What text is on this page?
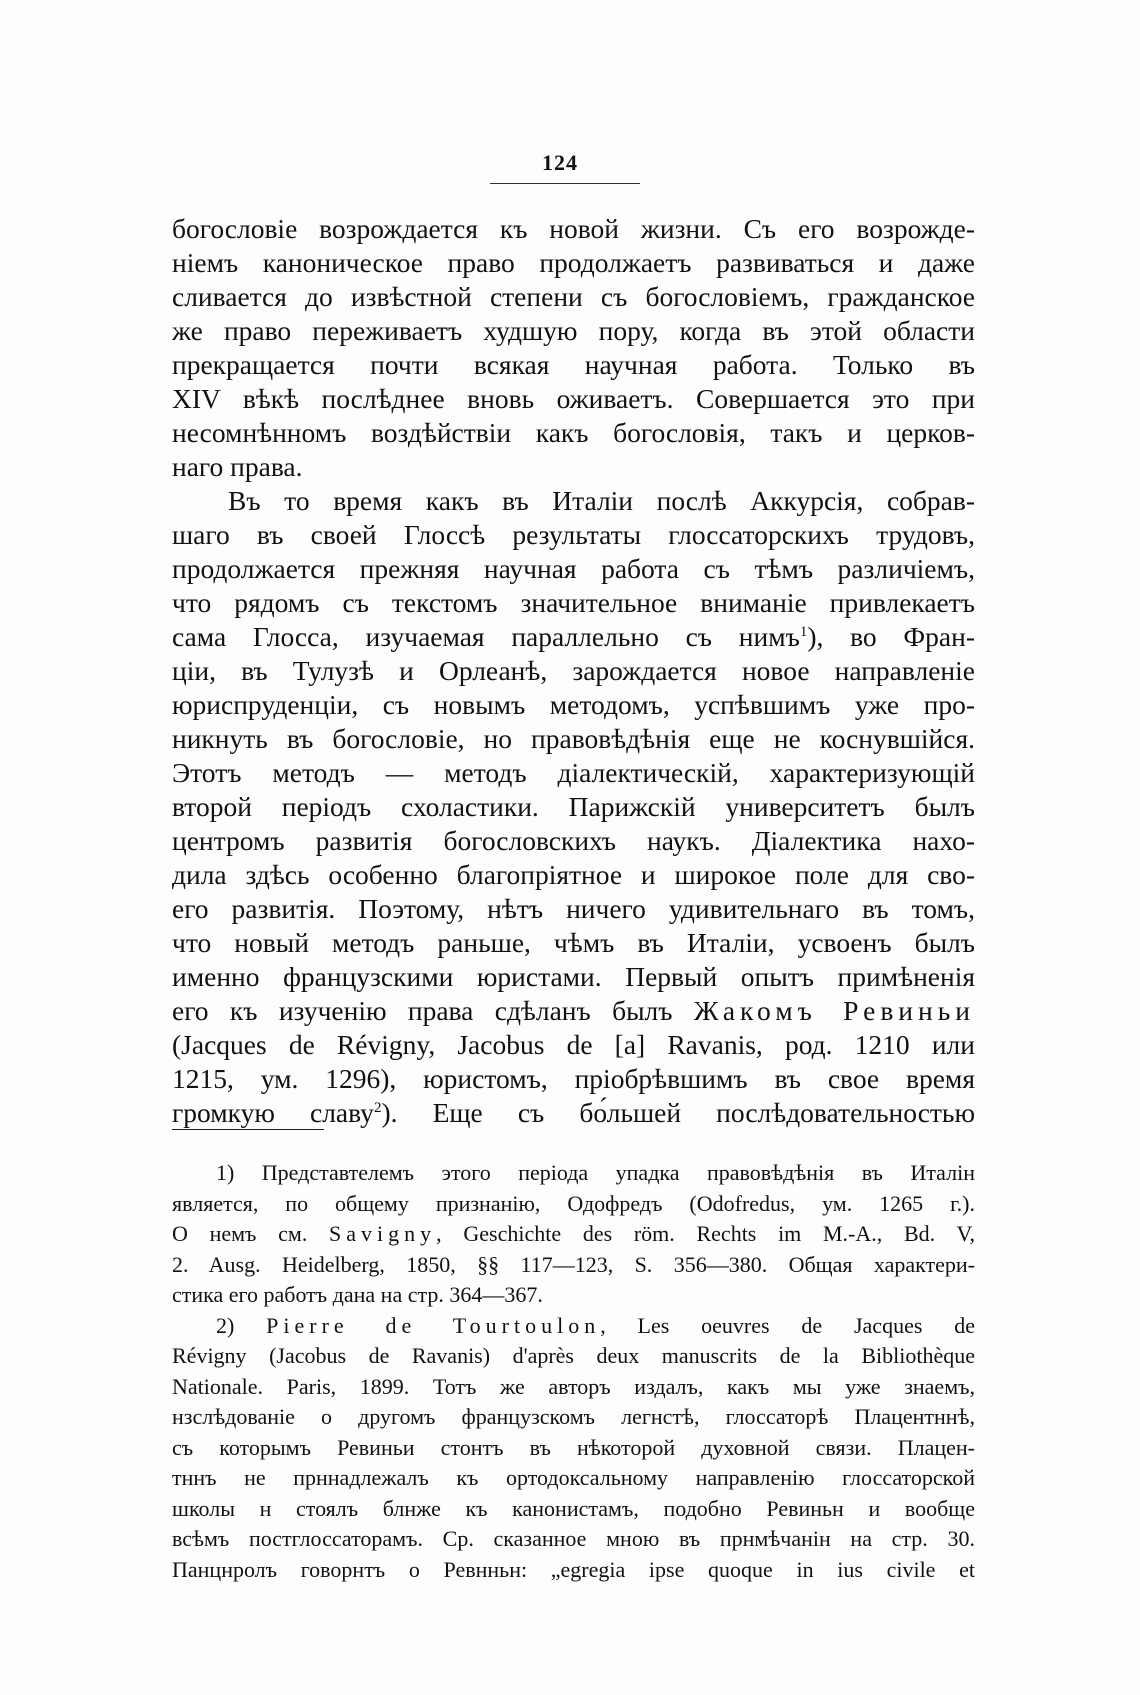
124
богословіе возрождается къ новой жизни. Съ его возрожде-
ніемъ каноническое право продолжаетъ развиваться и даже
сливается до извѣстной степени съ богословіемъ, гражданское
же право переживаетъ худшую пору, когда въ этой области
прекращается почти всякая научная работа. Только въ
XIV вѣкѣ послѣднее вновь оживаетъ. Совершается это при
несомнѣнномъ воздѣйствіи какъ богословія, такъ и церков-
наго права.
Въ то время какъ въ Италіи послѣ Аккурсія, собрав-
шаго въ своей Глоссѣ результаты глоссаторскихъ трудовъ,
продолжается прежняя научная работа съ тѣмъ различіемъ,
что рядомъ съ текстомъ значительное вниманіе привлекаетъ
сама Глосса, изучаемая параллельно съ нимъ$^1$), во Фран-
ціи, въ Тулузѣ и Орлеанѣ, зарождается новое направленіе
юриспруденціи, съ новымъ методомъ, успѣвшимъ уже про-
никнуть въ богословіе, но правовѣдѣнія еще не коснувшійся.
Этотъ методъ — методъ діалектическій, характеризующій
второй періодъ схоластики. Парижскій университетъ былъ
центромъ развитія богословскихъ наукъ. Діалектика нахо-
дила здѣсь особенно благопріятное и широкое поле для сво-
его развитія. Поэтому, нѣтъ ничего удивительнаго въ томъ,
что новый методъ раньше, чѣмъ въ Италіи, усвоенъ былъ
именно французскими юристами. Первый опытъ примѣненія
его къ изученію права сдѣланъ былъ Жакомъ Ревиньи
(Jacques de Révigny, Jacobus de [a] Ravanis, род. 1210 или
1215, ум. 1296), юристомъ, пріобрѣвшимъ въ свое время
громкую славу$^2$). Еще съ бо́льшей послѣдовательностью
1) Представтелемъ этого періода упадка правовѣдѣнія въ Италін
является, по общему признанію, Одофредъ (Odofredus, ум. 1265 г.).
О немъ см. Savigny, Geschichte des röm. Rechts im M.-A., Bd. V,
2. Ausg. Heidelberg, 1850, §§ 117—123, S. 356—380. Общая характери-
стика его работъ дана на стр. 364—367.
2) Pierre de Tourtoulon, Les oeuvres de Jacques de
Révigny (Jacobus de Ravanis) d'après deux manuscrits de la Bibliothèque
Nationale. Paris, 1899. Тотъ же авторъ издалъ, какъ мы уже знаемъ,
нзслѣдованіе о другомъ французскомъ легнстѣ, глоссаторѣ Плацентннѣ,
съ которымъ Ревиньи стонтъ въ нѣкоторой духовной связи. Плацен-
тннъ не прннадлежалъ къ ортодоксальному направленію глоссаторской
школы н стоялъ блнже къ канонистамъ, подобно Ревиньн и вообще
всѣмъ постглоссаторамъ. Ср. сказанное мною въ прнмѣчанін на стр. 30.
Панцнролъ говорнтъ о Ревнньн: „egregia ipse quoque in ius civile et
